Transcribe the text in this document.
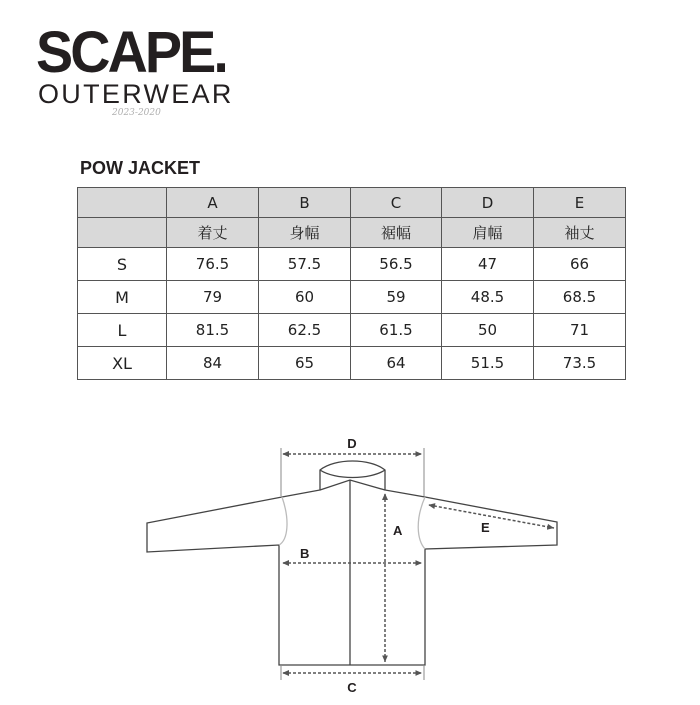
SCAPE.
OUTERWEAR
2023-2020
POW JACKET
	A	B	C	D	E
	着丈	身幅	裾幅	肩幅	袖丈
S	76.5	57.5	56.5	47	66
M	79	60	59	48.5	68.5
L	81.5	62.5	61.5	50	71
XL	84	65	64	51.5	73.5
D
A
B
C
E
